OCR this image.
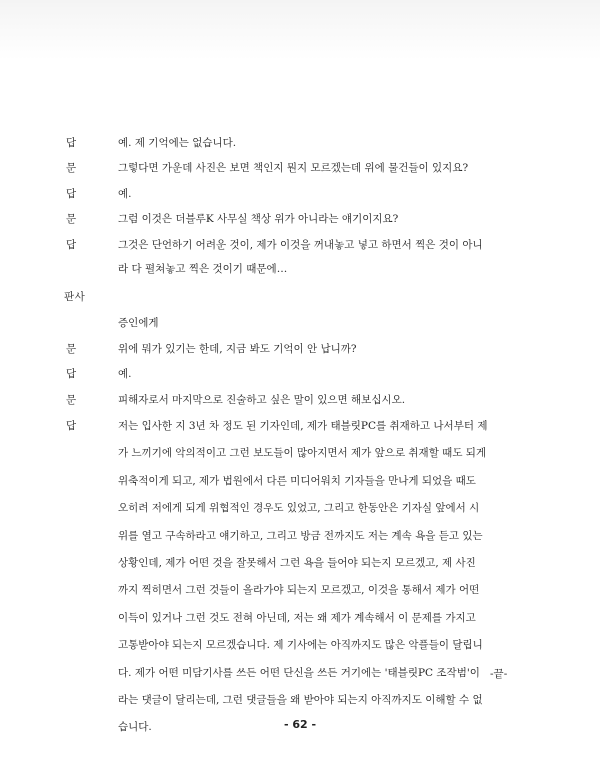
답	예. 제 기억에는 없습니다.
문	그렇다면 가운데 사진은 보면 책인지 뭔지 모르겠는데 위에 물건들이 있지요?
답	예.
문	그럼 이것은 더블루K 사무실 책상 위가 아니라는 얘기이지요?
답	그것은 단언하기 어려운 것이, 제가 이것을 꺼내놓고 넣고 하면서 찍은 것이 아니
라 다 펼쳐놓고 찍은 것이기 때문에…
판사
증인에게
문	위에 뭐가 있기는 한데, 지금 봐도 기억이 안 납니까?
답	예.
문	피해자로서 마지막으로 진술하고 싶은 말이 있으면 해보십시오.
답	저는 입사한 지 3년 차 정도 된 기자인데, 제가 태블릿PC를 취재하고 나서부터 제
가 느끼기에 악의적이고 그런 보도들이 많아지면서 제가 앞으로 취재할 때도 되게
위축적이게 되고, 제가 법원에서 다른 미디어워치 기자들을 만나게 되었을 때도
오히려 저에게 되게 위협적인 경우도 있었고, 그리고 한동안은 기자실 앞에서 시
위를 열고 구속하라고 얘기하고, 그리고 방금 전까지도 저는 계속 욕을 듣고 있는
상황인데, 제가 어떤 것을 잘못해서 그런 욕을 들어야 되는지 모르겠고, 제 사진
까지 찍히면서 그런 것들이 올라가야 되는지 모르겠고, 이것을 통해서 제가 어떤
이득이 있거나 그런 것도 전혀 아닌데, 저는 왜 제가 계속해서 이 문제를 가지고
고통받아야 되는지 모르겠습니다. 제 기사에는 아직까지도 많은 악플들이 달립니
다. 제가 어떤 미담기사를 쓰든 어떤 단신을 쓰든 거기에는 '태블릿PC 조작범'이
라는 댓글이 달리는데, 그런 댓글들을 왜 받아야 되는지 아직까지도 이해할 수 없
습니다.
-끝-
- 62 -
